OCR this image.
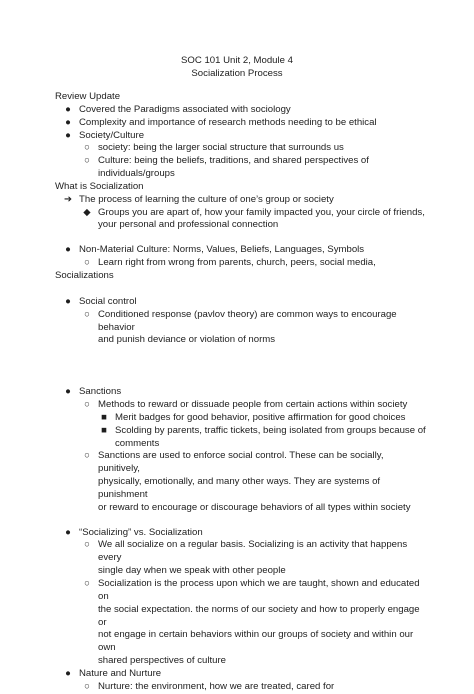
SOC 101 Unit 2, Module 4
Socialization Process
Review Update
● Covered the Paradigms associated with sociology
● Complexity and importance of research methods needing to be ethical
● Society/Culture
○ society: being the larger social structure that surrounds us
○ Culture: being the beliefs, traditions, and shared perspectives of
individuals/groups
What is Socialization
➔ The process of learning the culture of one’s group or society
◆ Groups you are apart of, how your family impacted you, your circle of friends,
your personal and professional connection
● Non-Material Culture: Norms, Values, Beliefs, Languages, Symbols
○ Learn right from wrong from parents, church, peers, social media,
Socializations
● Social control
○ Conditioned response (pavlov theory) are common ways to encourage behavior
and punish deviance or violation of norms
● Sanctions
○ Methods to reward or dissuade people from certain actions within society
■ Merit badges for good behavior, positive affirmation for good choices
■ Scolding by parents, traffic tickets, being isolated from groups because of
comments
○ Sanctions are used to enforce social control. These can be socially, punitively,
physically, emotionally, and many other ways. They are systems of punishment
or reward to encourage or discourage behaviors of all types within society
● “Socializing” vs. Socialization
○ We all socialize on a regular basis. Socializing is an activity that happens every
single day when we speak with other people
○ Socialization is the process upon which we are taught, shown and educated on
the social expectation. the norms of our society and how to properly engage or
not engage in certain behaviors within our groups of society and within our own
shared perspectives of culture
● Nature and Nurture
○ Nurture: the environment, how we are treated, cared for
